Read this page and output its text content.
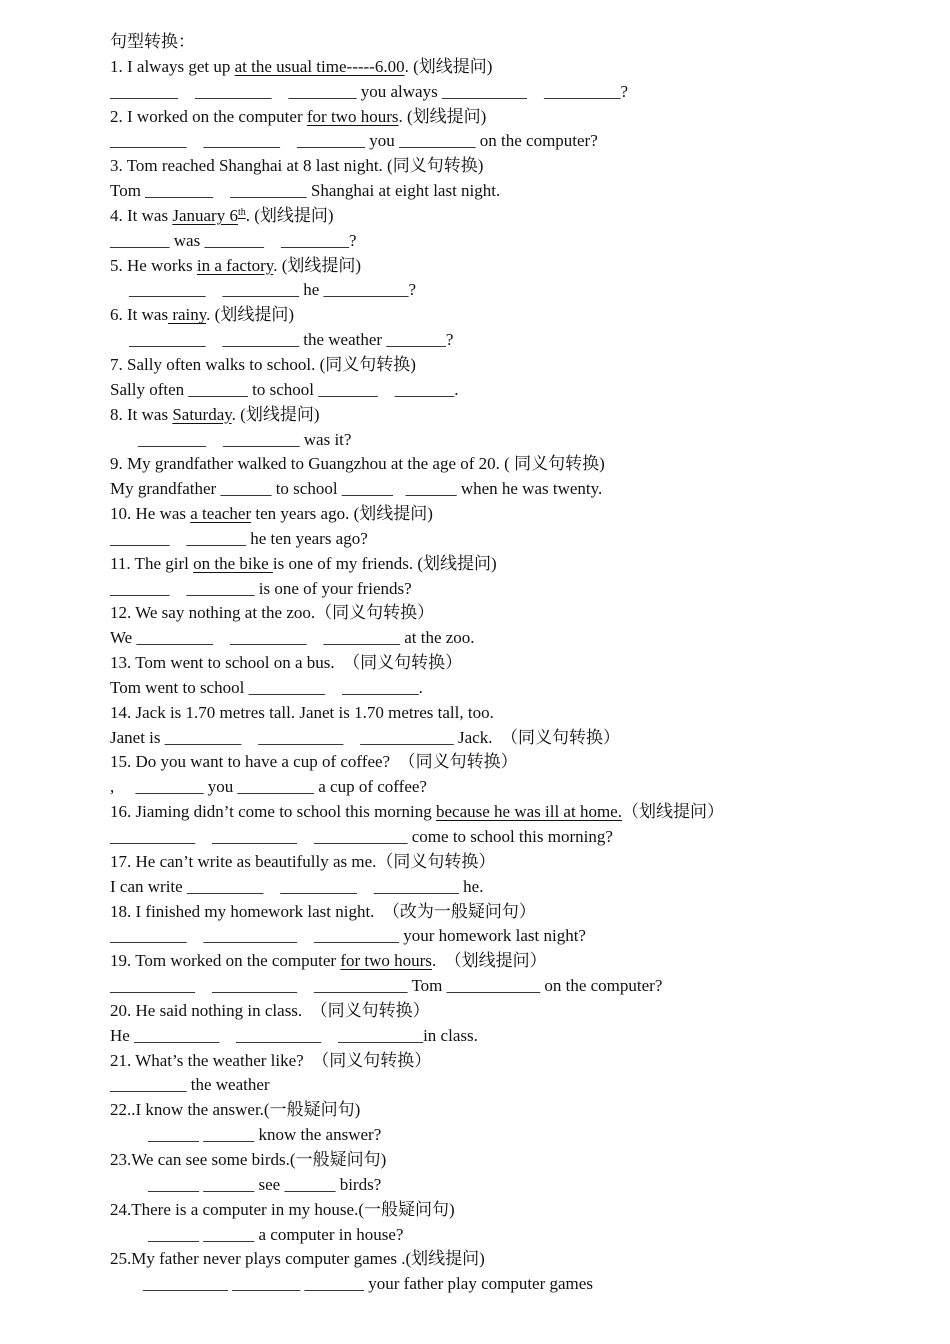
句型转换：
1. I always get up at the usual time-----6.00. (划线提问)
________    _________    ________ you always __________    _________?
2. I worked on the computer for two hours. (划线提问)
_________    _________    ________ you _________ on the computer?
3. Tom reached Shanghai at 8 last night. (同义句转换)
Tom ________    _________ Shanghai at eight last night.
4. It was January 6th. (划线提问)
_______ was _______    ________?
5. He works in a factory. (划线提问)
_________    _________ he __________?
6. It was rainy. (划线提问)
_________    _________ the weather _______?
7. Sally often walks to school. (同义句转换)
Sally often _______ to school _______    _______.
8. It was Saturday. (划线提问)
________    _________ was it?
9. My grandfather walked to Guangzhou at the age of 20. ( 同义句转换)
My grandfather ______ to school ______   ______ when he was twenty.
10. He was a teacher ten years ago. (划线提问)
_______    _______ he ten years ago?
11. The girl on the bike is one of my friends. (划线提问)
_______    ________ is one of your friends?
12. We say nothing at the zoo.（同义句转换）
We _________    _________    _________ at the zoo.
13. Tom went to school on a bus.  （同义句转换）
Tom went to school _________    _________.
14. Jack is 1.70 metres tall. Janet is 1.70 metres tall, too.
Janet is _________    __________    ___________ Jack.  （同义句转换）
15. Do you want to have a cup of coffee?  （同义句转换）
,     ________ you _________ a cup of coffee?
16. Jiaming didn’t come to school this morning because he was ill at home.（划线提问）
__________    __________    ___________ come to school this morning?
17. He can’t write as beautifully as me.（同义句转换）
I can write _________    _________    __________ he.
18. I finished my homework last night.  （改为一般疑问句）
_________    ___________    __________ your homework last night?
19. Tom worked on the computer for two hours.  （划线提问）
__________    __________    ___________ Tom ___________ on the computer?
20. He said nothing in class.  （同义句转换）
He __________    __________    __________in class.
21. What’s the weather like?  （同义句转换）
_________ the weather
22..I know the answer.(一般疑问句)
______ ______ know the answer?
23.We can see some birds.(一般疑问句)
______ ______ see ______ birds?
24.There is a computer in my house.(一般疑问句)
______ ______ a computer in house?
25.My father never plays computer games .(划线提问)
__________ ________ _______ your father play computer games
